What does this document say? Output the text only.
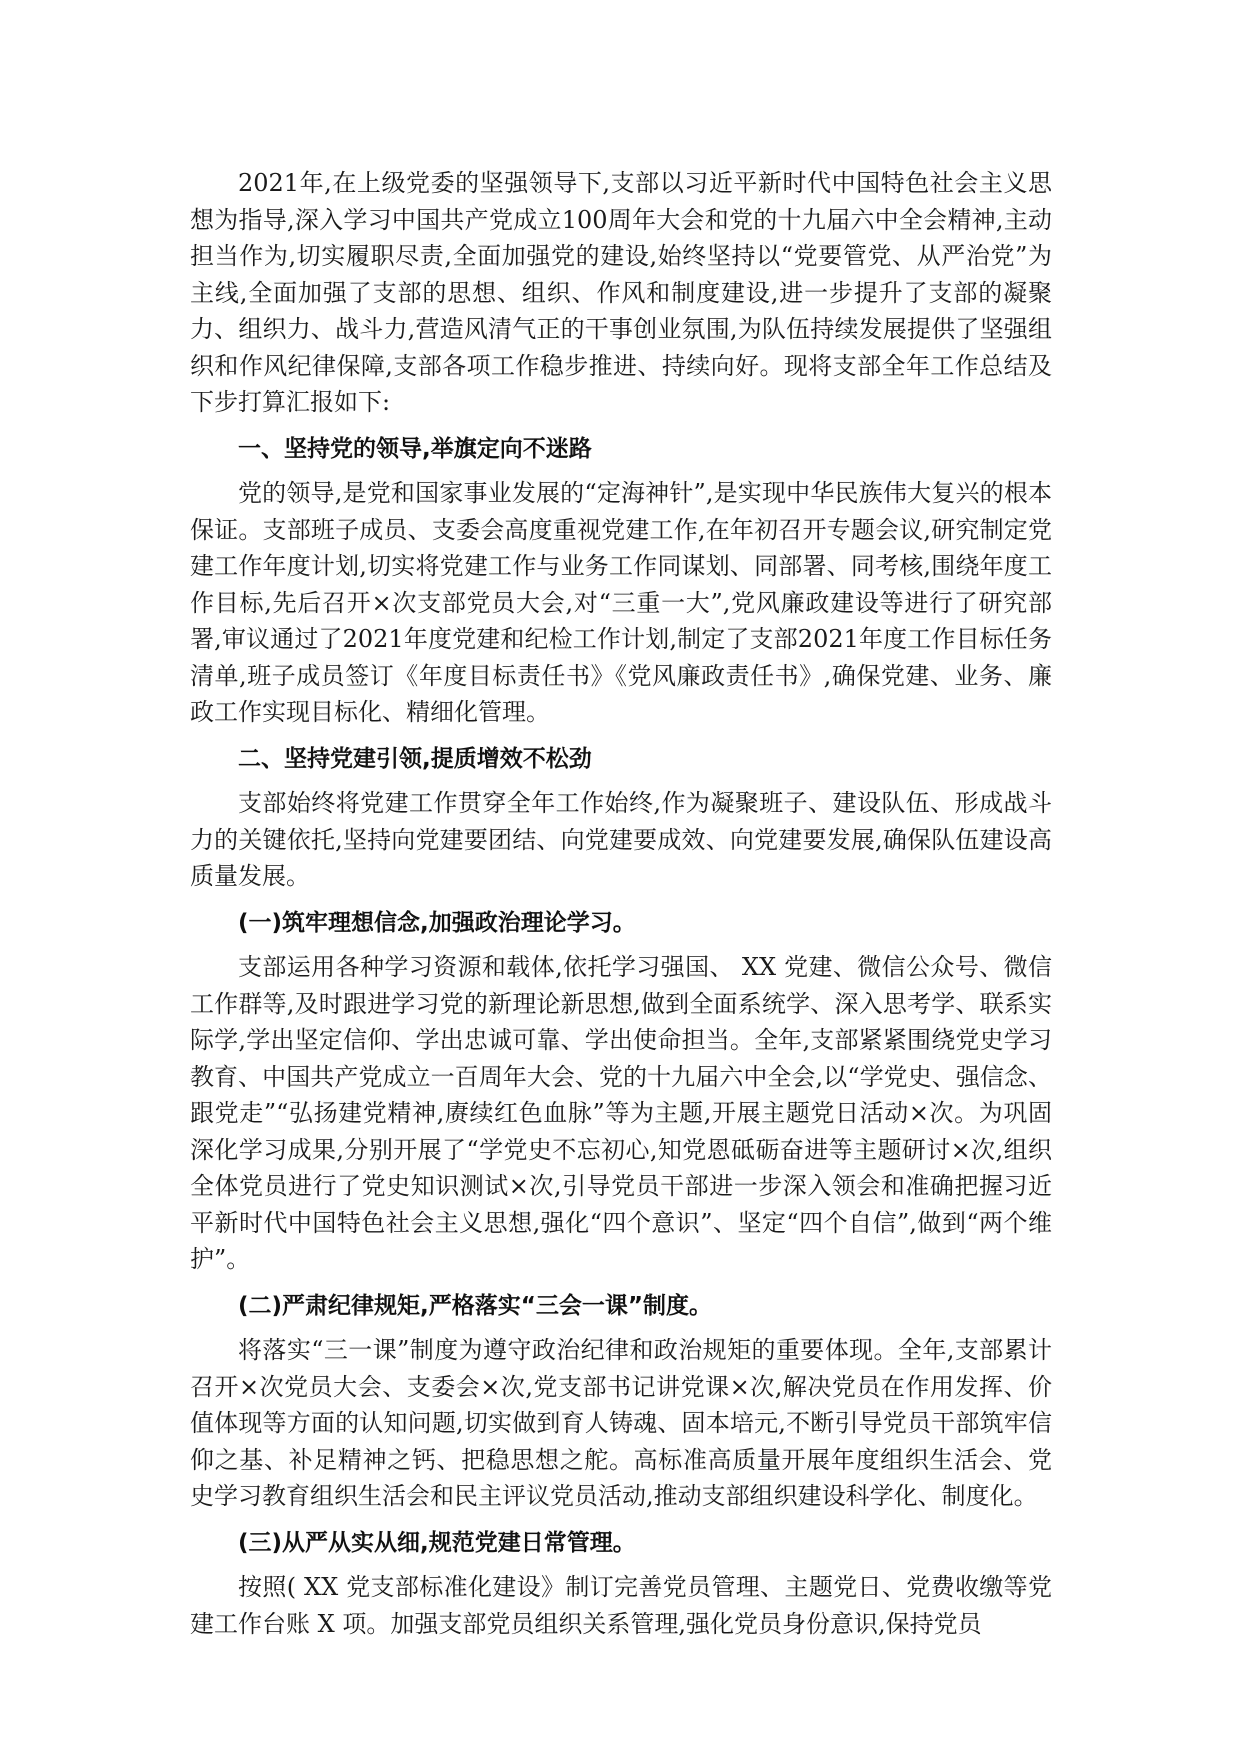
2021年,在上级党委的坚强领导下,支部以习近平新时代中国特色社会主义思想为指导,深入学习中国共产党成立100周年大会和党的十九届六中全会精神,主动担当作为,切实履职尽责,全面加强党的建设,始终坚持以“党要管党、从严治党”为主线,全面加强了支部的思想、组织、作风和制度建设,进一步提升了支部的凝聚力、组织力、战斗力,营造风清气正的干事创业氛围,为队伍持续发展提供了坚强组织和作风纪律保障,支部各项工作稳步推进、持续向好。现将支部全年工作总结及下步打算汇报如下:

一、坚持党的领导,举旗定向不迷路

党的领导,是党和国家事业发展的“定海神针”,是实现中华民族伟大复兴的根本保证。支部班子成员、支委会高度重视党建工作,在年初召开专题会议,研究制定党建工作年度计划,切实将党建工作与业务工作同谋划、同部署、同考核,围绕年度工作目标,先后召开×次支部党员大会,对“三重一大”,党风廉政建设等进行了研究部署,审议通过了2021年度党建和纪检工作计划,制定了支部2021年度工作目标任务清单,班子成员签订《年度目标责任书》《党风廉政责任书》,确保党建、业务、廉政工作实现目标化、精细化管理。

二、坚持党建引领,提质增效不松劲

支部始终将党建工作贯穿全年工作始终,作为凝聚班子、建设队伍、形成战斗力的关键依托,坚持向党建要团结、向党建要成效、向党建要发展,确保队伍建设高质量发展。

(一)筑牢理想信念,加强政治理论学习。

支部运用各种学习资源和载体,依托学习强国、 XX 党建、微信公众号、微信工作群等,及时跟进学习党的新理论新思想,做到全面系统学、深入思考学、联系实际学,学出坚定信仰、学出忠诚可靠、学出使命担当。全年,支部紧紧围绕党史学习教育、中国共产党成立一百周年大会、党的十九届六中全会,以“学党史、强信念、跟党走”“弘扬建党精神,赓续红色血脉”等为主题,开展主题党日活动×次。为巩固深化学习成果,分别开展了“学党史不忘初心,知党恩砥砺奋进等主题研讨×次,组织全体党员进行了党史知识测试×次,引导党员干部进一步深入领会和准确把握习近平新时代中国特色社会主义思想,强化“四个意识”、坚定“四个自信”,做到“两个维护”。

(二)严肃纪律规矩,严格落实“三会一课”制度。

将落实“三一课”制度为遵守政治纪律和政治规矩的重要体现。全年,支部累计召开×次党员大会、支委会×次,党支部书记讲党课×次,解决党员在作用发挥、价值体现等方面的认知问题,切实做到育人铸魂、固本培元,不断引导党员干部筑牢信仰之基、补足精神之钙、把稳思想之舵。高标准高质量开展年度组织生活会、党史学习教育组织生活会和民主评议党员活动,推动支部组织建设科学化、制度化。

(三)从严从实从细,规范党建日常管理。

按照( XX 党支部标准化建设》制订完善党员管理、主题党日、党费收缴等党建工作台账 X 项。加强支部党员组织关系管理,强化党员身份意识,保持党员
